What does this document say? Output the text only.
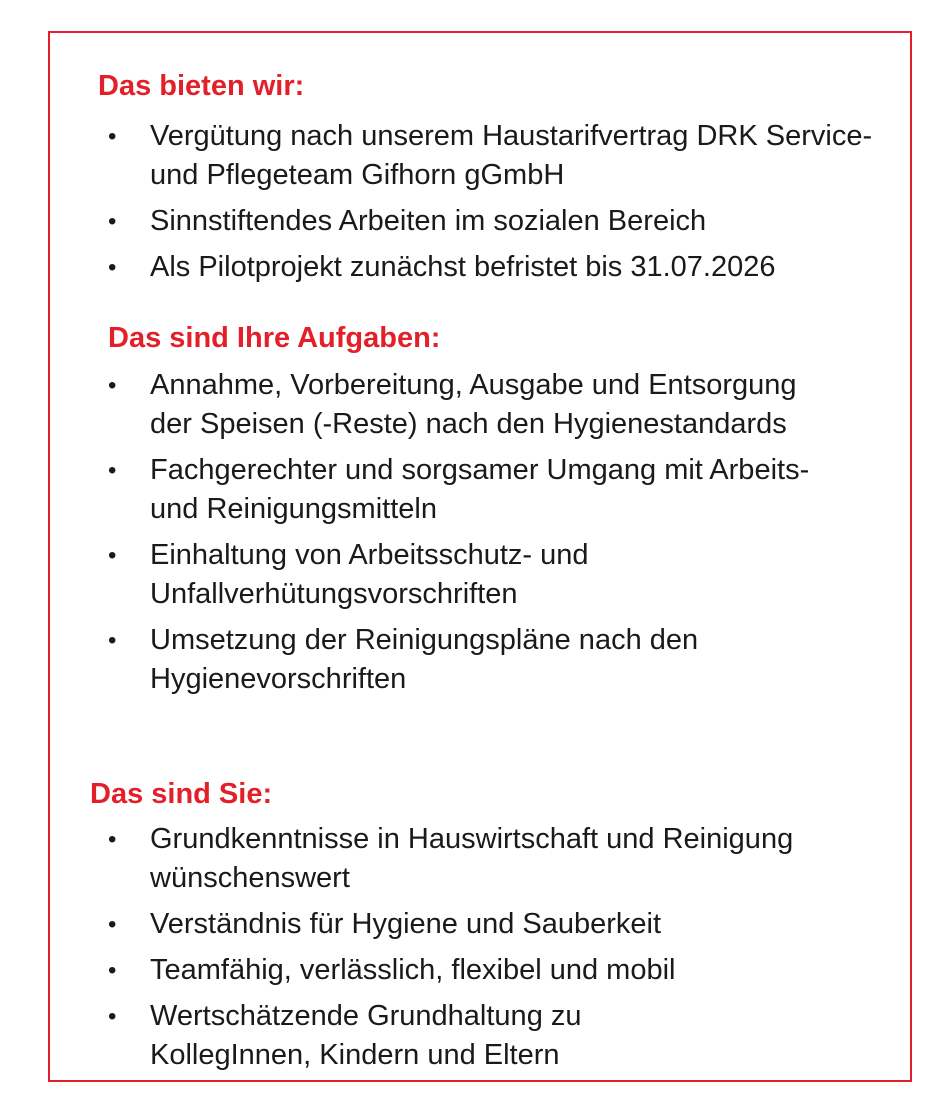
Das bieten wir:
• Vergütung nach unserem Haustarifvertrag DRK Service- und Pflegeteam Gifhorn gGmbH
• Sinnstiftendes Arbeiten im sozialen Bereich
• Als Pilotprojekt zunächst befristet bis 31.07.2026
Das sind Ihre Aufgaben:
• Annahme, Vorbereitung, Ausgabe und Entsorgung der Speisen (-Reste) nach den Hygienestandards
• Fachgerechter und sorgsamer Umgang mit Arbeits- und Reinigungsmitteln
• Einhaltung von Arbeitsschutz- und Unfallverhütungsvorschriften
• Umsetzung der Reinigungspläne nach den Hygienevorschriften
Das sind Sie:
• Grundkenntnisse in Hauswirtschaft und Reinigung wünschenswert
• Verständnis für Hygiene und Sauberkeit
• Teamfähig, verlässlich, flexibel und mobil
• Wertschätzende Grundhaltung zu KollegInnen, Kindern und Eltern
